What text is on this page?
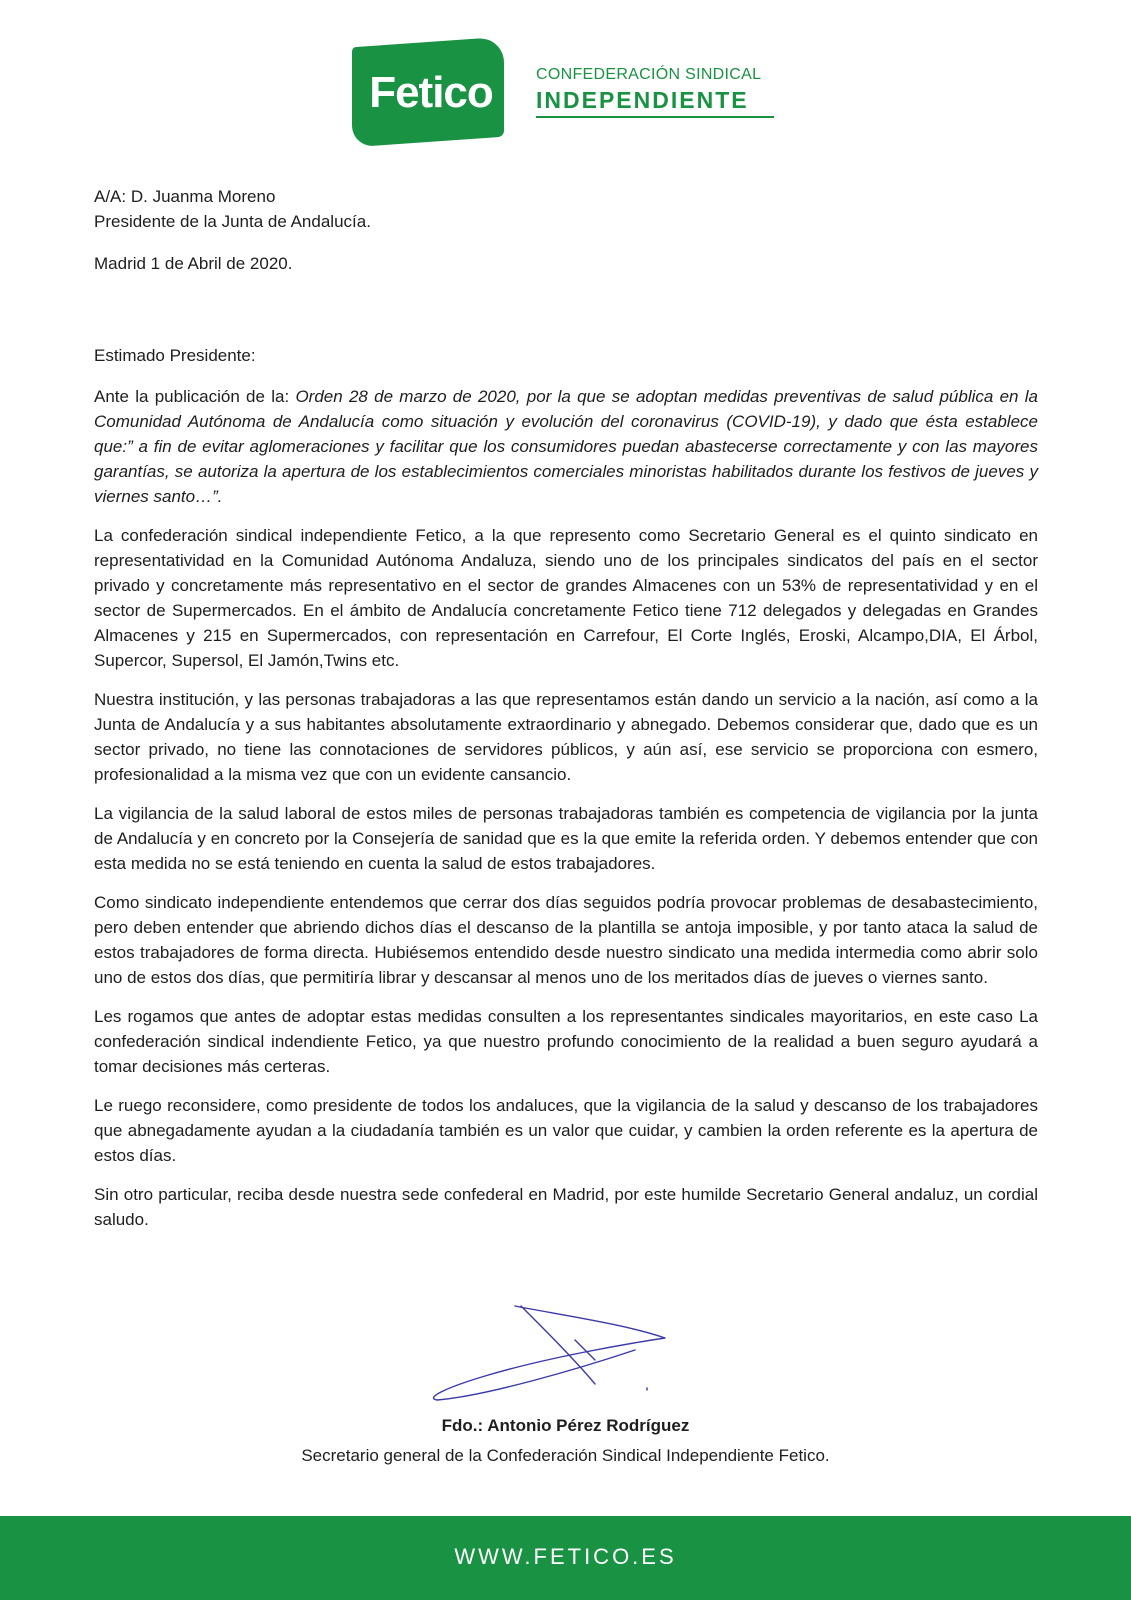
Fetico	CONFEDERACIÓN SINDICAL
INDEPENDIENTE
A/A: D. Juanma Moreno
Presidente de la Junta de Andalucía.
Madrid 1 de Abril de 2020.
Estimado Presidente:

Ante la publicación de la: Orden 28 de marzo de 2020, por la que se adoptan medidas preventivas de salud pública en la Comunidad Autónoma de Andalucía como situación y evolución del coronavirus (COVID-19), y dado que ésta establece que:” a fin de evitar aglomeraciones y facilitar que los consumidores puedan abastecerse correctamente y con las mayores garantías, se autoriza la apertura de los establecimientos comerciales minoristas habilitados durante los festivos de jueves y viernes santo…”.

La confederación sindical independiente Fetico, a la que represento como Secretario General es el quinto sindicato en representatividad en la Comunidad Autónoma Andaluza, siendo uno de los principales sindicatos del país en el sector privado y concretamente más representativo en el sector de grandes Almacenes con un 53% de representatividad y en el sector de Supermercados. En el ámbito de Andalucía concretamente Fetico tiene 712 delegados y delegadas en Grandes Almacenes y 215 en Supermercados, con representación en Carrefour, El Corte Inglés, Eroski, Alcampo,DIA, El Árbol, Supercor, Supersol, El Jamón,Twins etc.

Nuestra institución, y las personas trabajadoras a las que representamos están dando un servicio a la nación, así como a la Junta de Andalucía y a sus habitantes absolutamente extraordinario y abnegado. Debemos considerar que, dado que es un sector privado, no tiene las connotaciones de servidores públicos, y aún así, ese servicio se proporciona con esmero, profesionalidad a la misma vez que con un evidente cansancio.

La vigilancia de la salud laboral de estos miles de personas trabajadoras también es competencia de vigilancia por la junta de Andalucía y en concreto por la Consejería de sanidad que es la que emite la referida orden. Y debemos entender que con esta medida no se está teniendo en cuenta la salud de estos trabajadores.

Como sindicato independiente entendemos que cerrar dos días seguidos podría provocar problemas de desabastecimiento, pero deben entender que abriendo dichos días el descanso de la plantilla se antoja imposible, y por tanto ataca la salud de estos trabajadores de forma directa. Hubiésemos entendido desde nuestro sindicato una medida intermedia como abrir solo uno de estos dos días, que permitiría librar y descansar al menos uno de los meritados días de jueves o viernes santo.

Les rogamos que antes de adoptar estas medidas consulten a los representantes sindicales mayoritarios, en este caso La confederación sindical indendiente Fetico, ya que nuestro profundo conocimiento de la realidad a buen seguro ayudará a tomar decisiones más certeras.

Le ruego reconsidere, como presidente de todos los andaluces, que la vigilancia de la salud y descanso de los trabajadores que abnegadamente ayudan a la ciudadanía también es un valor que cuidar, y cambien la orden referente es la apertura de estos días.

Sin otro particular, reciba desde nuestra sede confederal en Madrid, por este humilde Secretario General andaluz, un cordial saludo.

Fdo.: Antonio Pérez Rodríguez
Secretario general de la Confederación Sindical Independiente Fetico.
WWW.FETICO.ES
